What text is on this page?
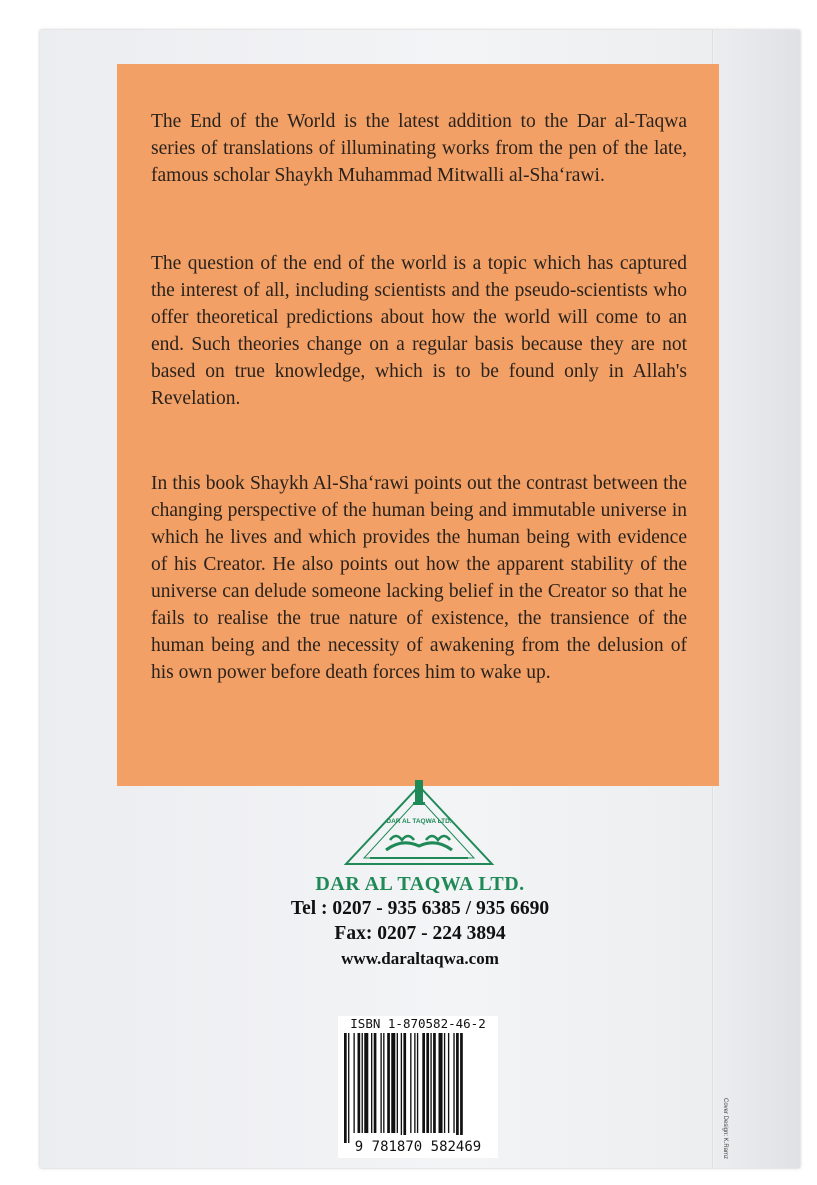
The End of the World is the latest addition to the Dar al-Taqwa series of translations of illuminating works from the pen of the late, famous scholar Shaykh Muhammad Mitwalli al-Sha‘rawi.

The question of the end of the world is a topic which has captured the interest of all, including scientists and the pseudo-scientists who offer theoretical predictions about how the world will come to an end. Such theories change on a regular basis because they are not based on true knowledge, which is to be found only in Allah's Revelation.

In this book Shaykh Al-Sha‘rawi points out the contrast between the changing perspective of the human being and immutable universe in which he lives and which provides the human being with evidence of his Creator. He also points out how the apparent stability of the universe can delude someone lacking belief in the Creator so that he fails to realise the true nature of existence, the transience of the human being and the necessity of awakening from the delusion of his own power before death forces him to wake up.

DAR AL TAQWA LTD.

DAR AL TAQWA LTD.

Tel : 0207 - 935 6385 / 935 6690

Fax: 0207 - 224 3894

www.daraltaqwa.com

ISBN 1-870582-46-2
9 781870 582469	Cover Design: K.Ramz
